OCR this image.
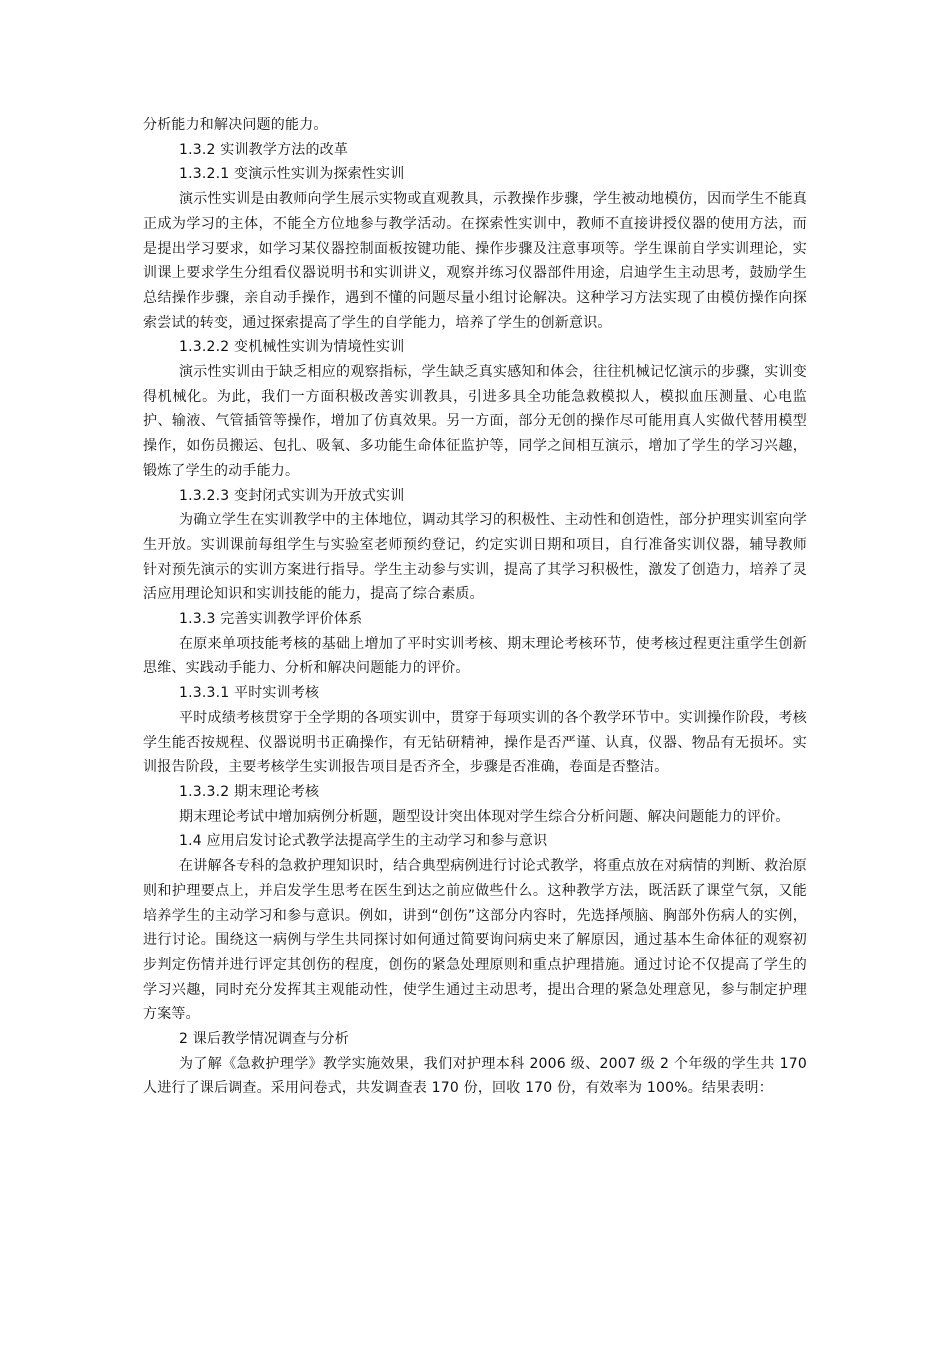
分析能力和解决问题的能力。

1.3.2 实训教学方法的改革

1.3.2.1 变演示性实训为探索性实训

演示性实训是由教师向学生展示实物或直观教具，示教操作步骤，学生被动地模仿，因而学生不能真正成为学习的主体，不能全方位地参与教学活动。在探索性实训中，教师不直接讲授仪器的使用方法，而是提出学习要求，如学习某仪器控制面板按键功能、操作步骤及注意事项等。学生课前自学实训理论，实训课上要求学生分组看仪器说明书和实训讲义，观察并练习仪器部件用途，启迪学生主动思考，鼓励学生总结操作步骤，亲自动手操作，遇到不懂的问题尽量小组讨论解决。这种学习方法实现了由模仿操作向探索尝试的转变，通过探索提高了学生的自学能力，培养了学生的创新意识。

1.3.2.2 变机械性实训为情境性实训

演示性实训由于缺乏相应的观察指标，学生缺乏真实感知和体会，往往机械记忆演示的步骤，实训变得机械化。为此，我们一方面积极改善实训教具，引进多具全功能急救模拟人，模拟血压测量、心电监护、输液、气管插管等操作，增加了仿真效果。另一方面，部分无创的操作尽可能用真人实做代替用模型操作，如伤员搬运、包扎、吸氧、多功能生命体征监护等，同学之间相互演示，增加了学生的学习兴趣，锻炼了学生的动手能力。

1.3.2.3 变封闭式实训为开放式实训

为确立学生在实训教学中的主体地位，调动其学习的积极性、主动性和创造性，部分护理实训室向学生开放。实训课前每组学生与实验室老师预约登记，约定实训日期和项目，自行准备实训仪器，辅导教师针对预先演示的实训方案进行指导。学生主动参与实训，提高了其学习积极性，激发了创造力，培养了灵活应用理论知识和实训技能的能力，提高了综合素质。

1.3.3 完善实训教学评价体系

在原来单项技能考核的基础上增加了平时实训考核、期末理论考核环节，使考核过程更注重学生创新思维、实践动手能力、分析和解决问题能力的评价。

1.3.3.1 平时实训考核

平时成绩考核贯穿于全学期的各项实训中，贯穿于每项实训的各个教学环节中。实训操作阶段，考核学生能否按规程、仪器说明书正确操作，有无钻研精神，操作是否严谨、认真，仪器、物品有无损坏。实训报告阶段，主要考核学生实训报告项目是否齐全，步骤是否准确，卷面是否整洁。

1.3.3.2 期末理论考核

期末理论考试中增加病例分析题，题型设计突出体现对学生综合分析问题、解决问题能力的评价。

1.4 应用启发讨论式教学法提高学生的主动学习和参与意识

在讲解各专科的急救护理知识时，结合典型病例进行讨论式教学，将重点放在对病情的判断、救治原则和护理要点上，并启发学生思考在医生到达之前应做些什么。这种教学方法，既活跃了课堂气氛，又能培养学生的主动学习和参与意识。例如，讲到“创伤”这部分内容时，先选择颅脑、胸部外伤病人的实例，进行讨论。围绕这一病例与学生共同探讨如何通过简要询问病史来了解原因，通过基本生命体征的观察初步判定伤情并进行评定其创伤的程度，创伤的紧急处理原则和重点护理措施。通过讨论不仅提高了学生的学习兴趣，同时充分发挥其主观能动性，使学生通过主动思考，提出合理的紧急处理意见，参与制定护理方案等。

2 课后教学情况调查与分析

为了解《急救护理学》教学实施效果，我们对护理本科 2006 级、2007 级 2 个年级的学生共 170 人进行了课后调查。采用问卷式，共发调查表 170 份，回收 170 份，有效率为 100%。结果表明：
